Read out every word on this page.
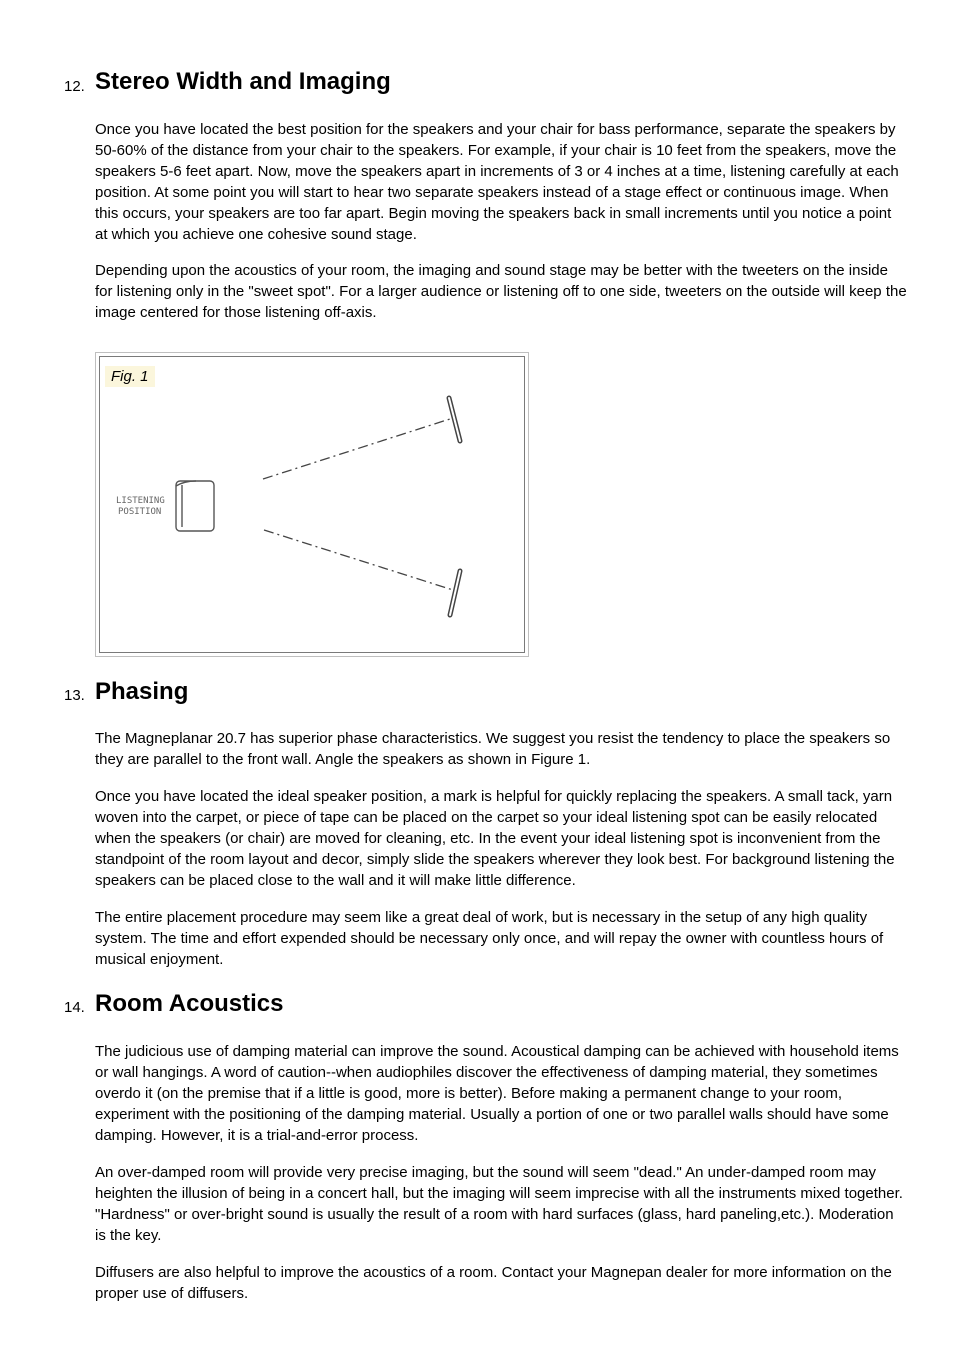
12. Stereo Width and Imaging

Once you have located the best position for the speakers and your chair for bass performance, separate the speakers by 50-60% of the distance from your chair to the speakers. For example, if your chair is 10 feet from the speakers, move the speakers 5-6 feet apart. Now, move the speakers apart in increments of 3 or 4 inches at a time, listening carefully at each position. At some point you will start to hear two separate speakers instead of a stage effect or continuous image. When this occurs, your speakers are too far apart. Begin moving the speakers back in small increments until you notice a point at which you achieve one cohesive sound stage.

Depending upon the acoustics of your room, the imaging and sound stage may be better with the tweeters on the inside for listening only in the "sweet spot". For a larger audience or listening off to one side, tweeters on the outside will keep the image centered for those listening off-axis.

LISTENING
POSITION
Fig. 1
13. Phasing

The Magneplanar 20.7 has superior phase characteristics. We suggest you resist the tendency to place the speakers so they are parallel to the front wall. Angle the speakers as shown in Figure 1.

Once you have located the ideal speaker position, a mark is helpful for quickly replacing the speakers. A small tack, yarn woven into the carpet, or piece of tape can be placed on the carpet so your ideal listening spot can be easily relocated when the speakers (or chair) are moved for cleaning, etc. In the event your ideal listening spot is inconvenient from the standpoint of the room layout and decor, simply slide the speakers wherever they look best. For background listening the speakers can be placed close to the wall and it will make little difference.

The entire placement procedure may seem like a great deal of work, but is necessary in the setup of any high quality system. The time and effort expended should be necessary only once, and will repay the owner with countless hours of musical enjoyment.

14. Room Acoustics

The judicious use of damping material can improve the sound. Acoustical damping can be achieved with household items or wall hangings. A word of caution--when audiophiles discover the effectiveness of damping material, they sometimes overdo it (on the premise that if a little is good, more is better). Before making a permanent change to your room, experiment with the positioning of the damping material. Usually a portion of one or two parallel walls should have some damping. However, it is a trial-and-error process.

An over-damped room will provide very precise imaging, but the sound will seem "dead." An under-damped room may heighten the illusion of being in a concert hall, but the imaging will seem imprecise with all the instruments mixed together. "Hardness" or over-bright sound is usually the result of a room with hard surfaces (glass, hard paneling,etc.). Moderation is the key.

Diffusers are also helpful to improve the acoustics of a room. Contact your Magnepan dealer for more information on the proper use of diffusers.
